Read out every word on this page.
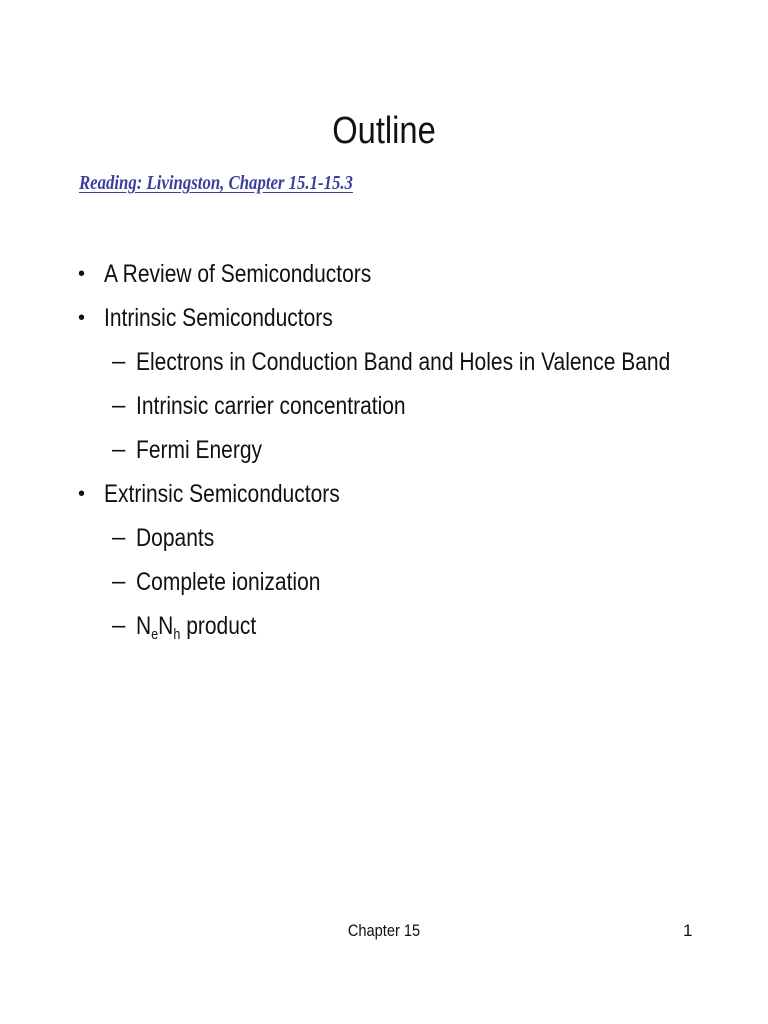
Outline
Reading: Livingston, Chapter 15.1-15.3
• A Review of Semiconductors
• Intrinsic Semiconductors
– Electrons in Conduction Band and Holes in Valence Band
– Intrinsic carrier concentration
– Fermi Energy
• Extrinsic Semiconductors
– Dopants
– Complete ionization
– $N_eN_h$ product
Chapter 15	1
